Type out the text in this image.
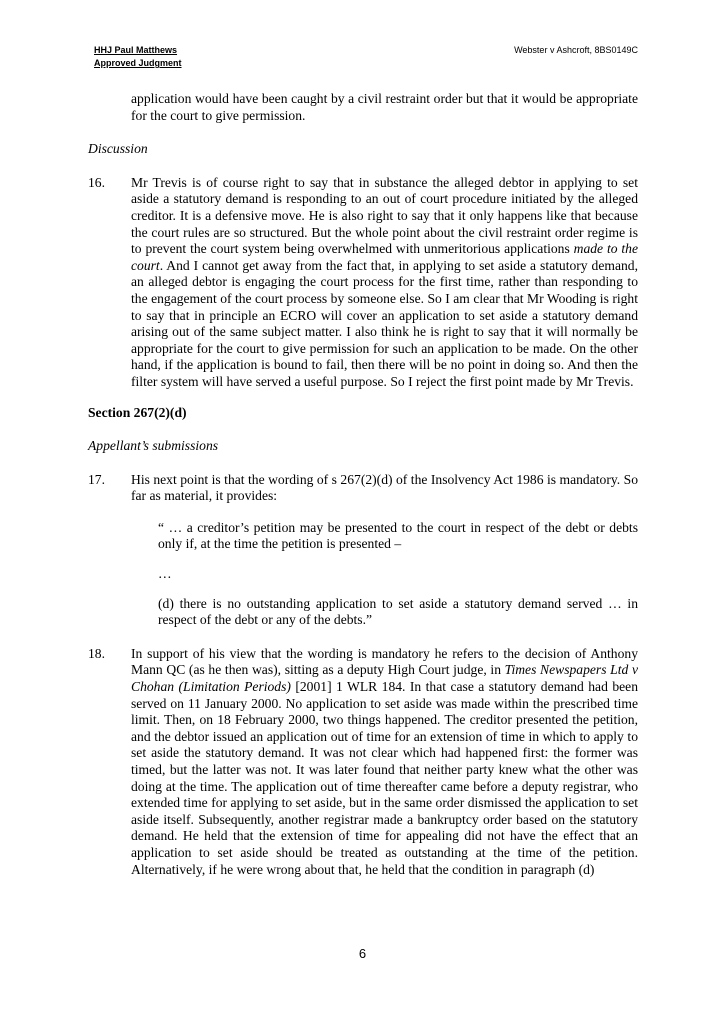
HHJ Paul Matthews
Approved Judgment
Webster v Ashcroft, 8BS0149C
application would have been caught by a civil restraint order but that it would be appropriate for the court to give permission.
Discussion
16.	Mr Trevis is of course right to say that in substance the alleged debtor in applying to set aside a statutory demand is responding to an out of court procedure initiated by the alleged creditor. It is a defensive move. He is also right to say that it only happens like that because the court rules are so structured. But the whole point about the civil restraint order regime is to prevent the court system being overwhelmed with unmeritorious applications made to the court. And I cannot get away from the fact that, in applying to set aside a statutory demand, an alleged debtor is engaging the court process for the first time, rather than responding to the engagement of the court process by someone else. So I am clear that Mr Wooding is right to say that in principle an ECRO will cover an application to set aside a statutory demand arising out of the same subject matter. I also think he is right to say that it will normally be appropriate for the court to give permission for such an application to be made. On the other hand, if the application is bound to fail, then there will be no point in doing so. And then the filter system will have served a useful purpose. So I reject the first point made by Mr Trevis.
Section 267(2)(d)
Appellant’s submissions
17.	His next point is that the wording of s 267(2)(d) of the Insolvency Act 1986 is mandatory. So far as material, it provides:
“ … a creditor’s petition may be presented to the court in respect of the debt or debts only if, at the time the petition is presented –
…
(d) there is no outstanding application to set aside a statutory demand served … in respect of the debt or any of the debts.”
18.	In support of his view that the wording is mandatory he refers to the decision of Anthony Mann QC (as he then was), sitting as a deputy High Court judge, in Times Newspapers Ltd v Chohan (Limitation Periods) [2001] 1 WLR 184. In that case a statutory demand had been served on 11 January 2000. No application to set aside was made within the prescribed time limit. Then, on 18 February 2000, two things happened. The creditor presented the petition, and the debtor issued an application out of time for an extension of time in which to apply to set aside the statutory demand. It was not clear which had happened first: the former was timed, but the latter was not. It was later found that neither party knew what the other was doing at the time. The application out of time thereafter came before a deputy registrar, who extended time for applying to set aside, but in the same order dismissed the application to set aside itself. Subsequently, another registrar made a bankruptcy order based on the statutory demand. He held that the extension of time for appealing did not have the effect that an application to set aside should be treated as outstanding at the time of the petition. Alternatively, if he were wrong about that, he held that the condition in paragraph (d)
6
